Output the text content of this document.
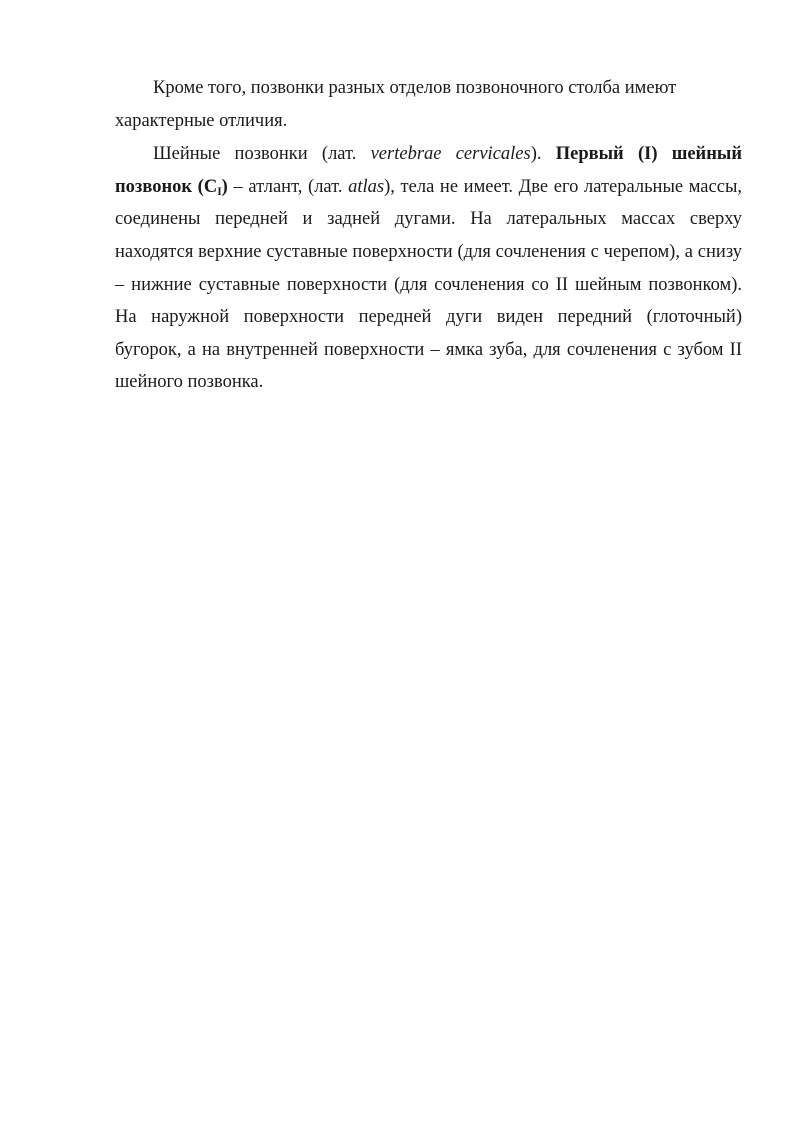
Кроме того, позвонки разных отделов позвоночного столба имеют характерные отличия.

Шейные позвонки (лат. vertebrae cervicales). Первый (I) шейный позвонок $(C_I)$ – атлант, (лат. atlas), тела не имеет. Две его латеральные массы, соединены передней и задней дугами. На латеральных массах сверху находятся верхние суставные поверхности (для сочленения с черепом), а снизу – нижние суставные поверхности (для сочленения со II шейным позвонком). На наружной поверхности передней дуги виден передний (глоточный) бугорок, а на внутренней поверхности – ямка зуба, для сочленения с зубом II шейного позвонка.
